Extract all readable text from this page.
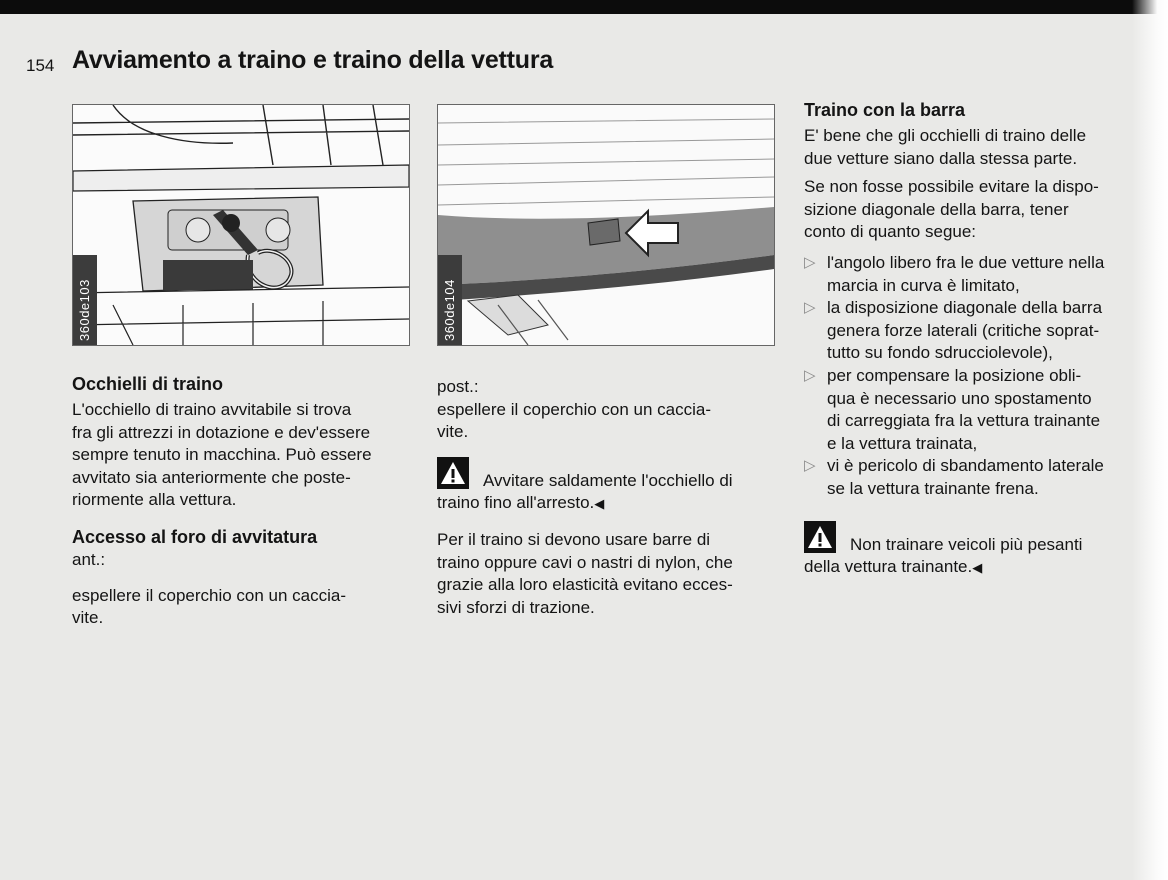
154 Avviamento a traino e traino della vettura
360de103	360de104
Occhielli di traino

L'occhiello di traino avvitabile si trova
fra gli attrezzi in dotazione e dev'essere
sempre tenuto in macchina. Può essere
avvitato sia anteriormente che poste-
riormente alla vettura.

Accesso al foro di avvitatura

ant.:

espellere il coperchio con un caccia-
vite.

post.:

espellere il coperchio con un caccia-
vite.

Avvitare saldamente l'occhiello di
traino fino all'arresto.◀

Per il traino si devono usare barre di
traino oppure cavi o nastri di nylon, che
grazie alla loro elasticità evitano ecces-
sivi sforzi di trazione.

Traino con la barra

E' bene che gli occhielli di traino delle
due vetture siano dalla stessa parte.

Se non fosse possibile evitare la dispo-
sizione diagonale della barra, tener
conto di quanto segue:

▷ l'angolo libero fra le due vetture nella
marcia in curva è limitato,
▷ la disposizione diagonale della barra
genera forze laterali (critiche soprat-
tutto su fondo sdrucciolevole),
▷ per compensare la posizione obli-
qua è necessario uno spostamento
di carreggiata fra la vettura trainante
e la vettura trainata,
▷ vi è pericolo di sbandamento laterale
se la vettura trainante frena.

Non trainare veicoli più pesanti
della vettura trainante.◀
